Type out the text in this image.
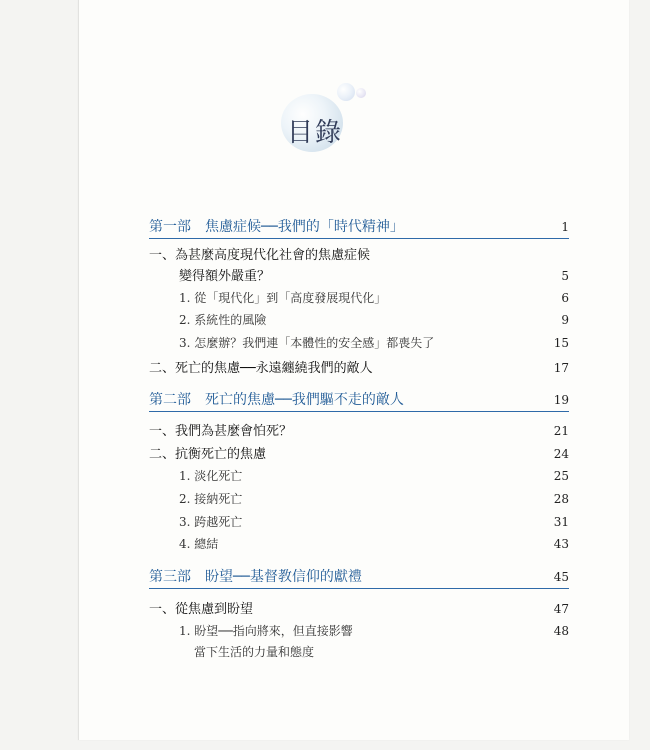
目錄
第一部　焦慮症候──我們的「時代精神」	1
一、為甚麼高度現代化社會的焦慮症候
變得額外嚴重？	5
1. 從「現代化」到「高度發展現代化」	6
2. 系統性的風險	9
3. 怎麼辦？我們連「本體性的安全感」都喪失了	15
二、死亡的焦慮──永遠纏繞我們的敵人	17
第二部　死亡的焦慮──我們驅不走的敵人	19
一、我們為甚麼會怕死？	21
二、抗衡死亡的焦慮	24
1. 淡化死亡	25
2. 接納死亡	28
3. 跨越死亡	31
4. 總結	43
第三部　盼望──基督教信仰的獻禮	45
一、從焦慮到盼望	47
1. 盼望──指向將來，但直接影響	48
當下生活的力量和態度
